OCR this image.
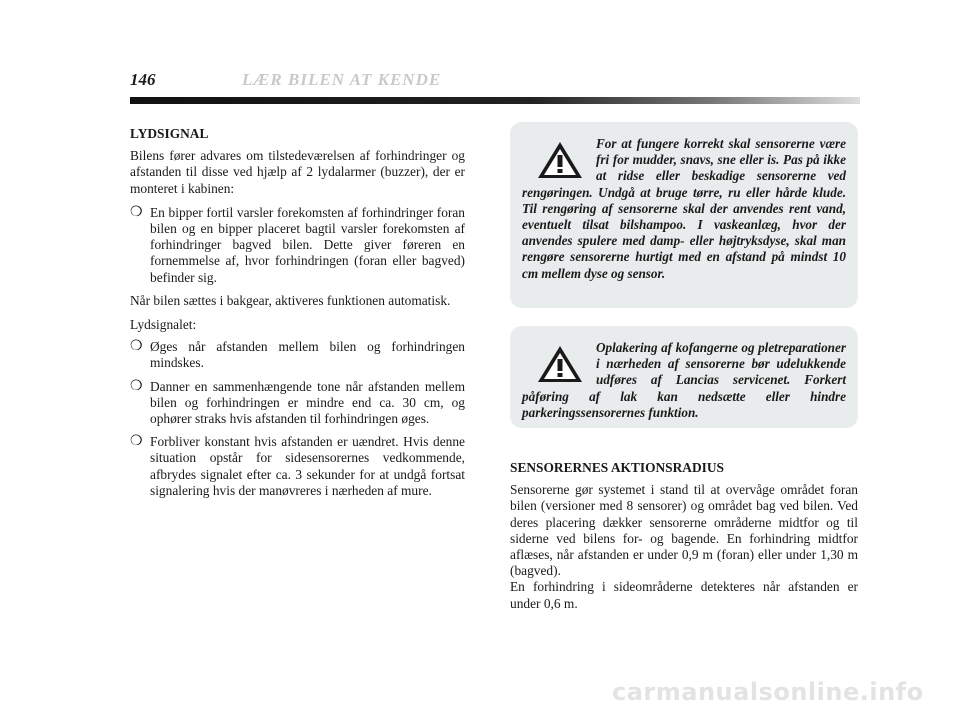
146	LÆR BILEN AT KENDE
LYDSIGNAL

Bilens fører advares om tilstedeværelsen af forhindringer og afstanden til disse ved hjælp af 2 lydalarmer (buzzer), der er monteret i kabinen:

❍ En bipper fortil varsler forekomsten af forhindringer foran bilen og en bipper placeret bagtil varsler forekomsten af forhindringer bagved bilen. Dette giver føreren en fornemmelse af, hvor forhindringen (foran eller bagved) befinder sig.

Når bilen sættes i bakgear, aktiveres funktionen automatisk.

Lydsignalet:

❍ Øges når afstanden mellem bilen og forhindringen mindskes.
❍ Danner en sammenhængende tone når afstanden mellem bilen og forhindringen er mindre end ca. 30 cm, og ophører straks hvis afstanden til forhindringen øges.
❍ Forbliver konstant hvis afstanden er uændret. Hvis denne situation opstår for sidesensorernes vedkommende, afbrydes signalet efter ca. 3 sekunder for at undgå fortsat signalering hvis der manøvreres i nærheden af mure.

For at fungere korrekt skal sensorerne være fri for mudder, snavs, sne eller is. Pas på ikke at ridse eller beskadige sensorerne ved rengøringen. Undgå at bruge tørre, ru eller hårde klude. Til rengøring af sensorerne skal der anvendes rent vand, eventuelt tilsat bilshampoo. I vaskeanlæg, hvor der anvendes spulere med damp- eller højtryksdyse, skal man rengøre sensorerne hurtigt med en afstand på mindst 10 cm mellem dyse og sensor.

Oplakering af kofangerne og pletreparationer i nærheden af sensorerne bør udelukkende udføres af Lancias servicenet. Forkert påføring af lak kan nedsætte eller hindre parkeringssensorernes funktion.

SENSORERNES AKTIONSRADIUS

Sensorerne gør systemet i stand til at overvåge området foran bilen (versioner med 8 sensorer) og området bag ved bilen. Ved deres placering dækker sensorerne områderne midtfor og til siderne ved bilens for- og bagende. En forhindring midtfor aflæses, når afstanden er under 0,9 m (foran) eller under 1,30 m (bagved).

En forhindring i sideområderne detekteres når afstanden er under 0,6 m.

carmanualsonline.info
